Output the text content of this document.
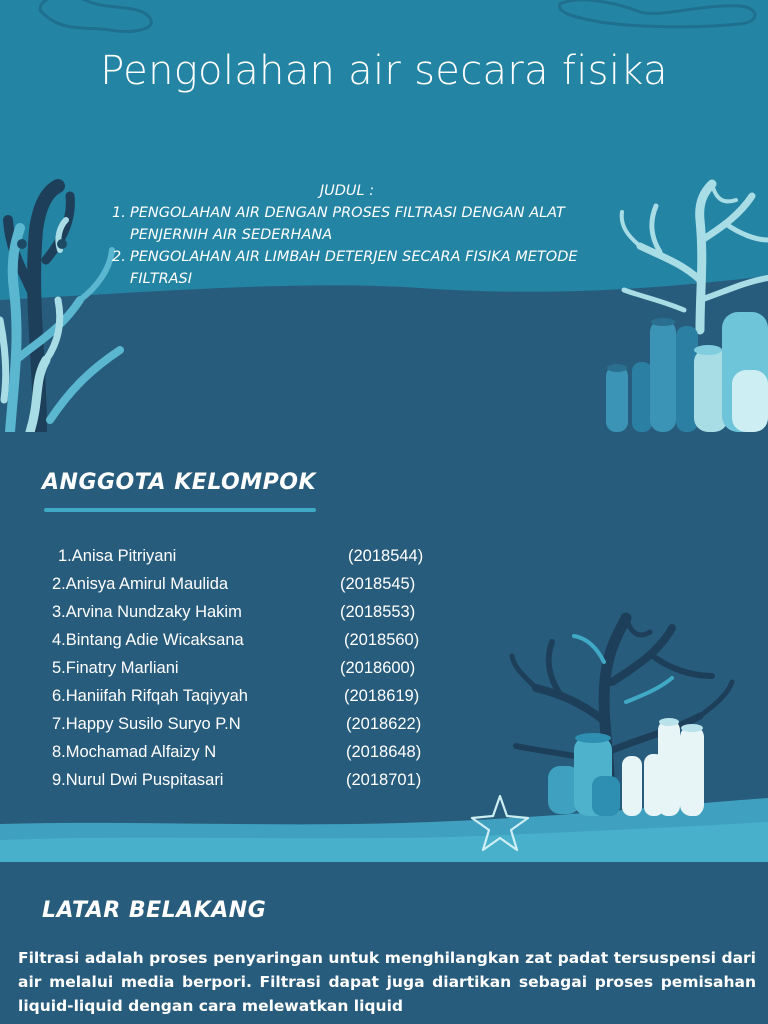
Pengolahan air secara fisika
JUDUL :
1. PENGOLAHAN AIR DENGAN PROSES FILTRASI DENGAN ALAT PENJERNIH AIR SEDERHANA
2. PENGOLAHAN AIR LIMBAH DETERJEN SECARA FISIKA METODE FILTRASI
ANGGOTA KELOMPOK
1.Anisa Pitriyani	(2018544)
2.Anisya Amirul Maulida	(2018545)
3.Arvina Nundzaky Hakim	(2018553)
4.Bintang Adie Wicaksana	(2018560)
5.Finatry Marliani	(2018600)
6.Haniifah Rifqah Taqiyyah	(2018619)
7.Happy Susilo Suryo P.N	(2018622)
8.Mochamad Alfaizy N	(2018648)
9.Nurul Dwi Puspitasari	(2018701)
LATAR BELAKANG

Filtrasi adalah proses penyaringan untuk menghilangkan zat padat tersuspensi dari air melalui media berpori. Filtrasi dapat juga diartikan sebagai proses pemisahan liquid-liquid dengan cara melewatkan liquid
